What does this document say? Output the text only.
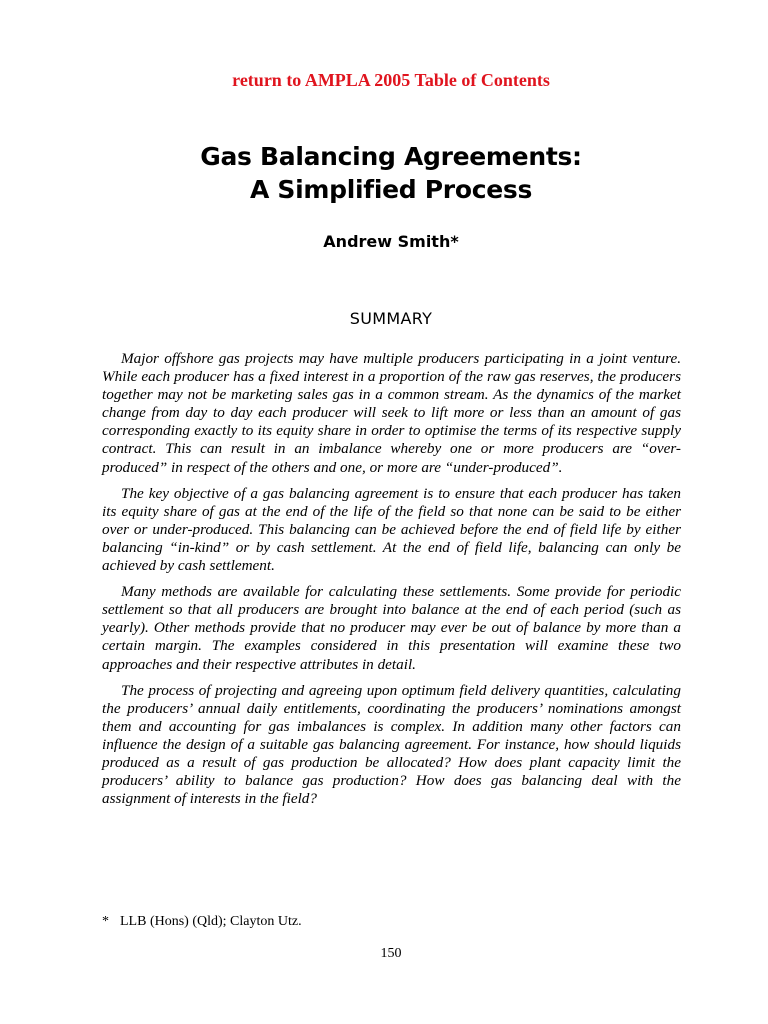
return to AMPLA 2005 Table of Contents
Gas Balancing Agreements:
A Simplified Process
Andrew Smith*
SUMMARY

Major offshore gas projects may have multiple producers participating in a joint venture. While each producer has a fixed interest in a proportion of the raw gas reserves, the producers together may not be marketing sales gas in a common stream. As the dynamics of the market change from day to day each producer will seek to lift more or less than an amount of gas corresponding exactly to its equity share in order to optimise the terms of its respective supply contract. This can result in an imbalance whereby one or more producers are “over-produced” in respect of the others and one, or more are “under-produced”.

The key objective of a gas balancing agreement is to ensure that each producer has taken its equity share of gas at the end of the life of the field so that none can be said to be either over or under-produced. This balancing can be achieved before the end of field life by either balancing “in-kind” or by cash settlement. At the end of field life, balancing can only be achieved by cash settlement.

Many methods are available for calculating these settlements. Some provide for periodic settlement so that all producers are brought into balance at the end of each period (such as yearly). Other methods provide that no producer may ever be out of balance by more than a certain margin. The examples considered in this presentation will examine these two approaches and their respective attributes in detail.

The process of projecting and agreeing upon optimum field delivery quantities, calculating the producers’ annual daily entitlements, coordinating the producers’ nominations amongst them and accounting for gas imbalances is complex. In addition many other factors can influence the design of a suitable gas balancing agreement. For instance, how should liquids produced as a result of gas production be allocated? How does plant capacity limit the producers’ ability to balance gas production? How does gas balancing deal with the assignment of interests in the field?

* LLB (Hons) (Qld); Clayton Utz.
150
